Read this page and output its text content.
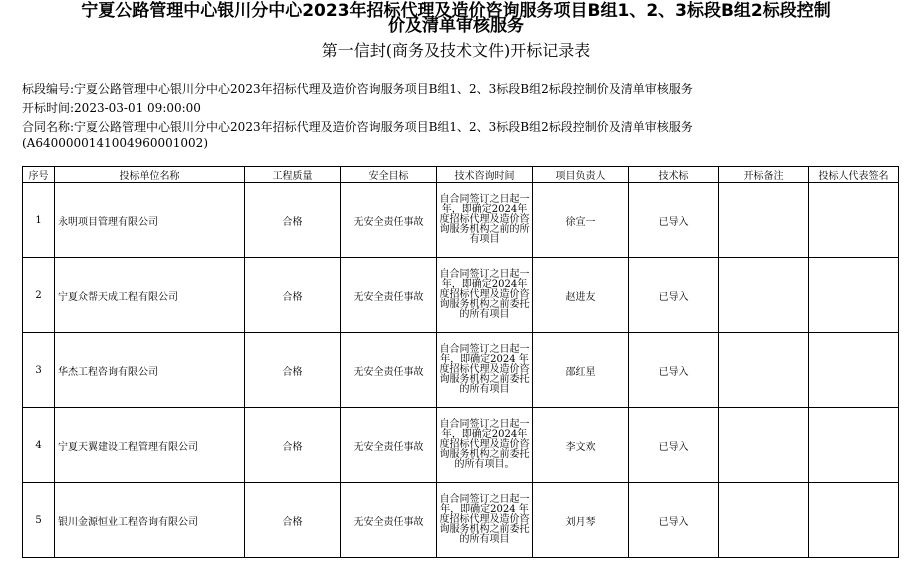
宁夏公路管理中心银川分中心2023年招标代理及造价咨询服务项目B组1、2、3标段B组2标段控制
价及清单审核服务
第一信封(商务及技术文件)开标记录表
标段编号:宁夏公路管理中心银川分中心2023年招标代理及造价咨询服务项目B组1、2、3标段B组2标段控制价及清单审核服务
开标时间:2023-03-01 09:00:00
合同名称:宁夏公路管理中心银川分中心2023年招标代理及造价咨询服务项目B组1、2、3标段B组2标段控制价及清单审核服务
(A640000014100496000​1002)
序号	投标单位名称	工程质量	安全目标	技术咨询时间	项目负责人	技术标	开标备注	投标人代表签名
1	永明项目管理有限公司	合格	无安全责任事故	自合同签订之日起一年，即确定2024年度招标代理及造价咨询服务机构之前的所有项目	徐宣一	已导入		
2	宁夏众帮天成工程有限公司	合格	无安全责任事故	自合同签订之日起一年，即确定2024年度招标代理及造价咨询服务机构之前委托的所有项目	赵进友	已导入		
3	华杰工程咨询有限公司	合格	无安全责任事故	自合同签订之日起一年，即确定2024 年度招标代理及造价咨询服务机构之前委托的所有项目	邵红星	已导入		
4	宁夏天翼建设工程管理有限公司	合格	无安全责任事故	自合同签订之日起一年，即确定2024年度招标代理及造价咨询服务机构之前委托的所有项目。	李文欢	已导入		
5	银川金源恒业工程咨询有限公司	合格	无安全责任事故	自合同签订之日起一年，即确定2024 年度招标代理及造价咨询服务机构之前委托的所有项目	刘月琴	已导入		
